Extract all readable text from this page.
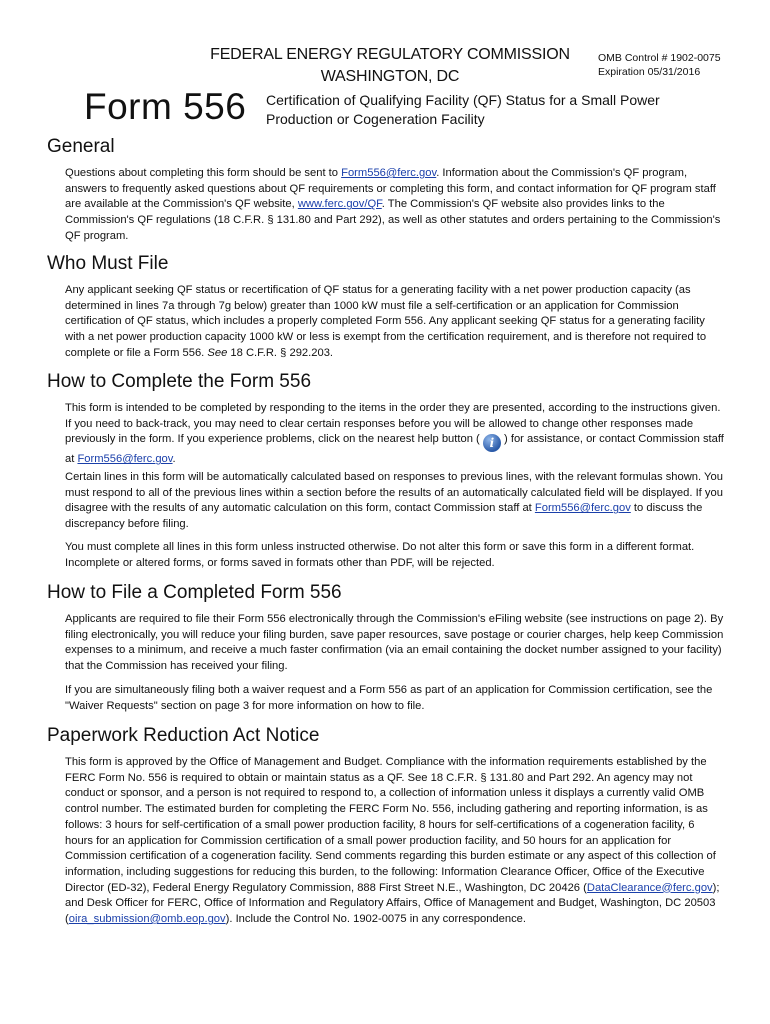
FEDERAL ENERGY REGULATORY COMMISSION
WASHINGTON, DC
OMB Control # 1902-0075
Expiration 05/31/2016
Form 556 Certification of Qualifying Facility (QF) Status for a Small Power Production or Cogeneration Facility
General

Questions about completing this form should be sent to Form556@ferc.gov. Information about the Commission's QF program, answers to frequently asked questions about QF requirements or completing this form, and contact information for QF program staff are available at the Commission's QF website, www.ferc.gov/QF. The Commission's QF website also provides links to the Commission's QF regulations (18 C.F.R. § 131.80 and Part 292), as well as other statutes and orders pertaining to the Commission's QF program.

Who Must File

Any applicant seeking QF status or recertification of QF status for a generating facility with a net power production capacity (as determined in lines 7a through 7g below) greater than 1000 kW must file a self-certification or an application for Commission certification of QF status, which includes a properly completed Form 556. Any applicant seeking QF status for a generating facility with a net power production capacity 1000 kW or less is exempt from the certification requirement, and is therefore not required to complete or file a Form 556. See 18 C.F.R. § 292.203.

How to Complete the Form 556

This form is intended to be completed by responding to the items in the order they are presented, according to the instructions given. If you need to back-track, you may need to clear certain responses before you will be allowed to change other responses made previously in the form. If you experience problems, click on the nearest help button ( i ) for assistance, or contact Commission staff at Form556@ferc.gov.

Certain lines in this form will be automatically calculated based on responses to previous lines, with the relevant formulas shown. You must respond to all of the previous lines within a section before the results of an automatically calculated field will be displayed. If you disagree with the results of any automatic calculation on this form, contact Commission staff at Form556@ferc.gov to discuss the discrepancy before filing.

You must complete all lines in this form unless instructed otherwise. Do not alter this form or save this form in a different format. Incomplete or altered forms, or forms saved in formats other than PDF, will be rejected.

How to File a Completed Form 556

Applicants are required to file their Form 556 electronically through the Commission's eFiling website (see instructions on page 2). By filing electronically, you will reduce your filing burden, save paper resources, save postage or courier charges, help keep Commission expenses to a minimum, and receive a much faster confirmation (via an email containing the docket number assigned to your facility) that the Commission has received your filing.

If you are simultaneously filing both a waiver request and a Form 556 as part of an application for Commission certification, see the "Waiver Requests" section on page 3 for more information on how to file.

Paperwork Reduction Act Notice

This form is approved by the Office of Management and Budget. Compliance with the information requirements established by the FERC Form No. 556 is required to obtain or maintain status as a QF. See 18 C.F.R. § 131.80 and Part 292. An agency may not conduct or sponsor, and a person is not required to respond to, a collection of information unless it displays a currently valid OMB control number. The estimated burden for completing the FERC Form No. 556, including gathering and reporting information, is as follows: 3 hours for self-certification of a small power production facility, 8 hours for self-certifications of a cogeneration facility, 6 hours for an application for Commission certification of a small power production facility, and 50 hours for an application for Commission certification of a cogeneration facility. Send comments regarding this burden estimate or any aspect of this collection of information, including suggestions for reducing this burden, to the following: Information Clearance Officer, Office of the Executive Director (ED-32), Federal Energy Regulatory Commission, 888 First Street N.E., Washington, DC 20426 (DataClearance@ferc.gov); and Desk Officer for FERC, Office of Information and Regulatory Affairs, Office of Management and Budget, Washington, DC 20503 (oira_submission@omb.eop.gov). Include the Control No. 1902-0075 in any correspondence.
